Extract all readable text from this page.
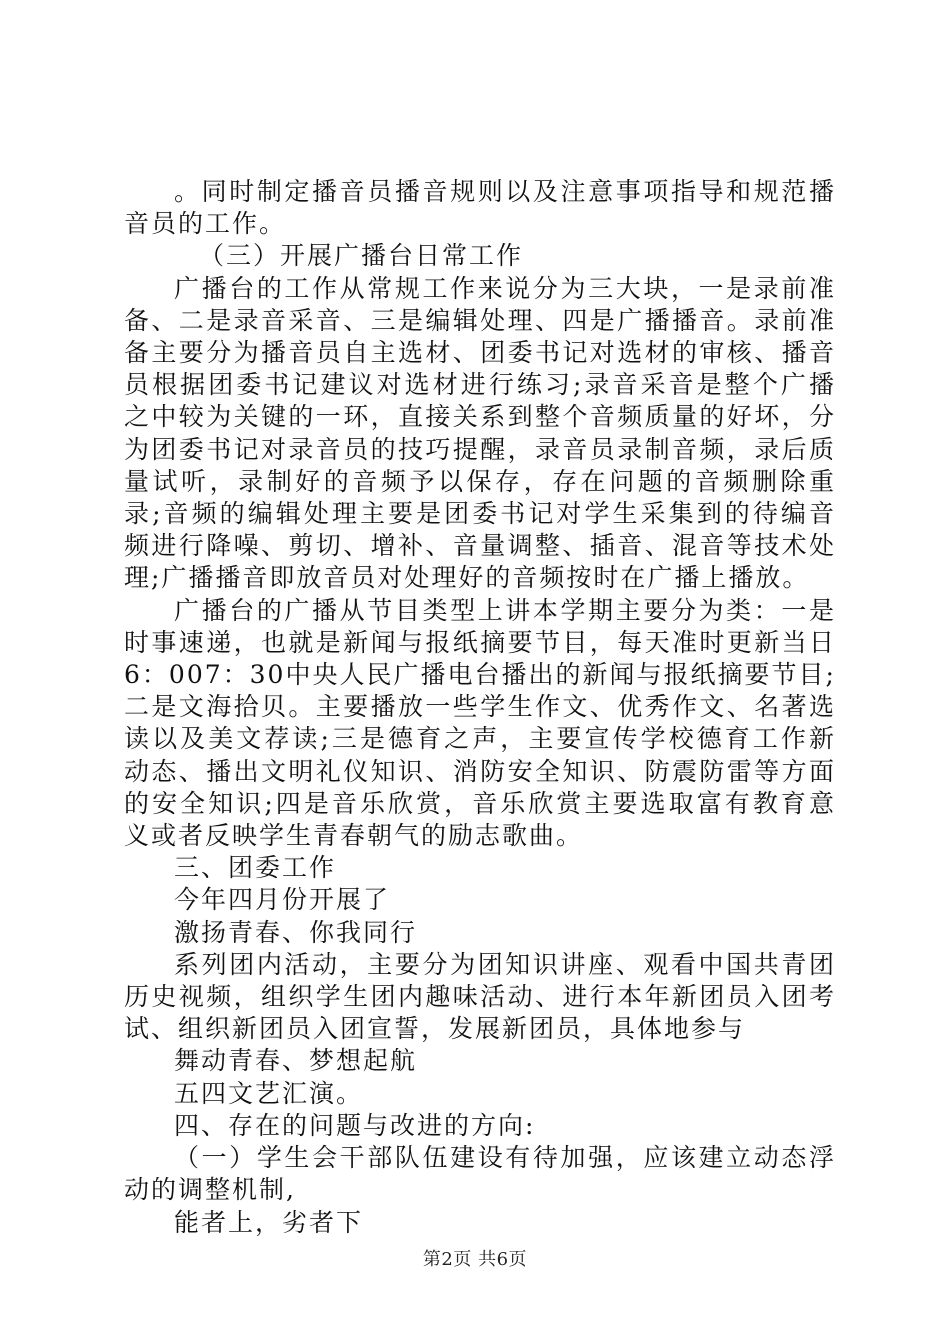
。同时制定播音员播音规则以及注意事项指导和规范播音员的工作。

（三）开展广播台日常工作

广播台的工作从常规工作来说分为三大块，一是录前准备、二是录音采音、三是编辑处理、四是广播播音。录前准备主要分为播音员自主选材、团委书记对选材的审核、播音员根据团委书记建议对选材进行练习;录音采音是整个广播之中较为关键的一环，直接关系到整个音频质量的好坏，分为团委书记对录音员的技巧提醒，录音员录制音频，录后质量试听，录制好的音频予以保存，存在问题的音频删除重录;音频的编辑处理主要是团委书记对学生采集到的待编音频进行降噪、剪切、增补、音量调整、插音、混音等技术处理;广播播音即放音员对处理好的音频按时在广播上播放。

广播台的广播从节目类型上讲本学期主要分为类：一是时事速递，也就是新闻与报纸摘要节目，每天准时更新当日6：007：30中央人民广播电台播出的新闻与报纸摘要节目;二是文海拾贝。主要播放一些学生作文、优秀作文、名著选读以及美文荐读;三是德育之声，主要宣传学校德育工作新动态、播出文明礼仪知识、消防安全知识、防震防雷等方面的安全知识;四是音乐欣赏，音乐欣赏主要选取富有教育意义或者反映学生青春朝气的励志歌曲。

三、团委工作

今年四月份开展了

激扬青春、你我同行

系列团内活动，主要分为团知识讲座、观看中国共青团历史视频，组织学生团内趣味活动、进行本年新团员入团考试、组织新团员入团宣誓，发展新团员，具体地参与

舞动青春、梦想起航

五四文艺汇演。

四、存在的问题与改进的方向:

（一）学生会干部队伍建设有待加强，应该建立动态浮动的调整机制,

能者上，劣者下

第2页 共6页
